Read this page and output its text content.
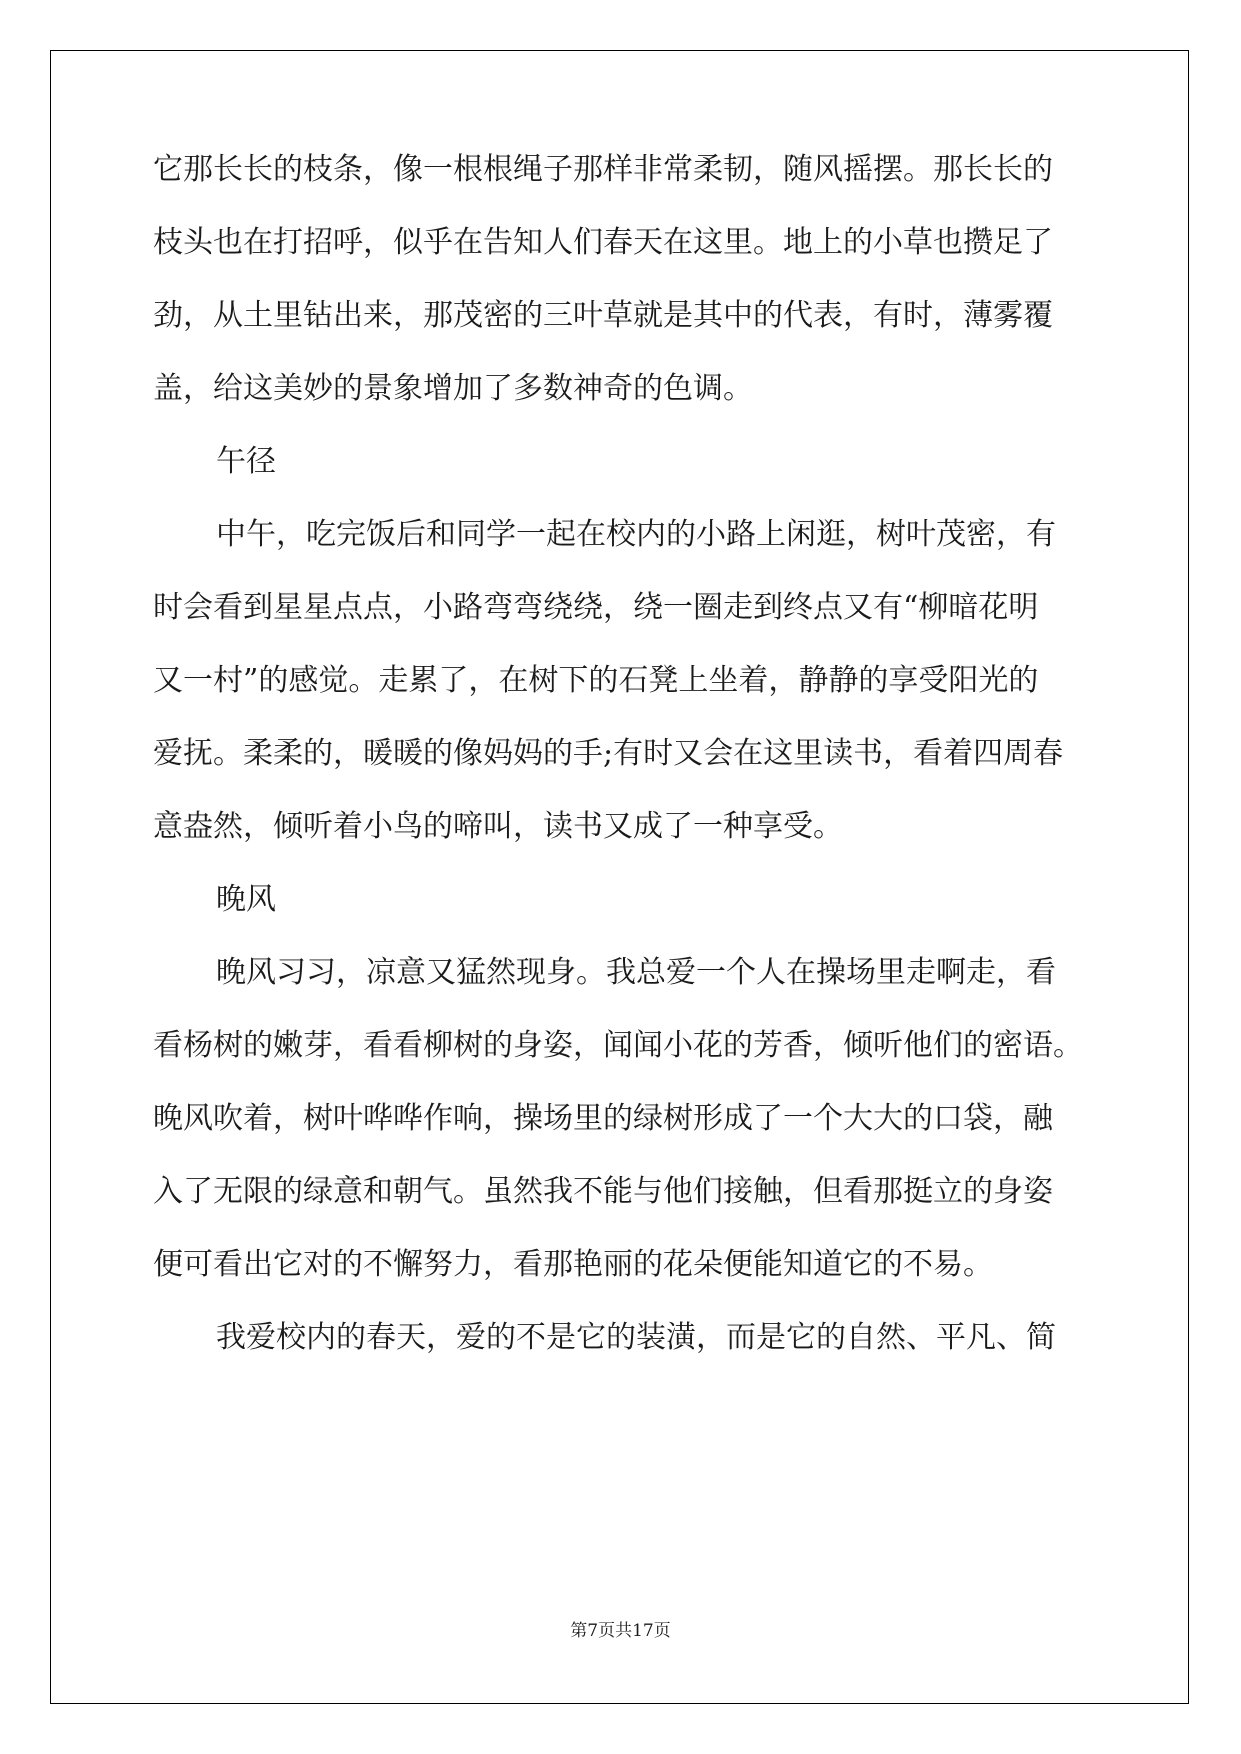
它那长长的枝条，像一根根绳子那样非常柔韧，随风摇摆。那长长的

枝头也在打招呼，似乎在告知人们春天在这里。地上的小草也攒足了

劲，从土里钻出来，那茂密的三叶草就是其中的代表，有时，薄雾覆

盖，给这美妙的景象增加了多数神奇的色调。

午径

中午，吃完饭后和同学一起在校内的小路上闲逛，树叶茂密，有

时会看到星星点点，小路弯弯绕绕，绕一圈走到终点又有“柳暗花明

又一村”的感觉。走累了，在树下的石凳上坐着，静静的享受阳光的

爱抚。柔柔的，暖暖的像妈妈的手;有时又会在这里读书，看着四周春

意盎然，倾听着小鸟的啼叫，读书又成了一种享受。

晚风

晚风习习，凉意又猛然现身。我总爱一个人在操场里走啊走，看

看杨树的嫩芽，看看柳树的身姿，闻闻小花的芳香，倾听他们的密语。

晚风吹着，树叶哗哗作响，操场里的绿树形成了一个大大的口袋，融

入了无限的绿意和朝气。虽然我不能与他们接触，但看那挺立的身姿

便可看出它对的不懈努力，看那艳丽的花朵便能知道它的不易。

我爱校内的春天，爱的不是它的装潢，而是它的自然、平凡、简

第7页共17页
